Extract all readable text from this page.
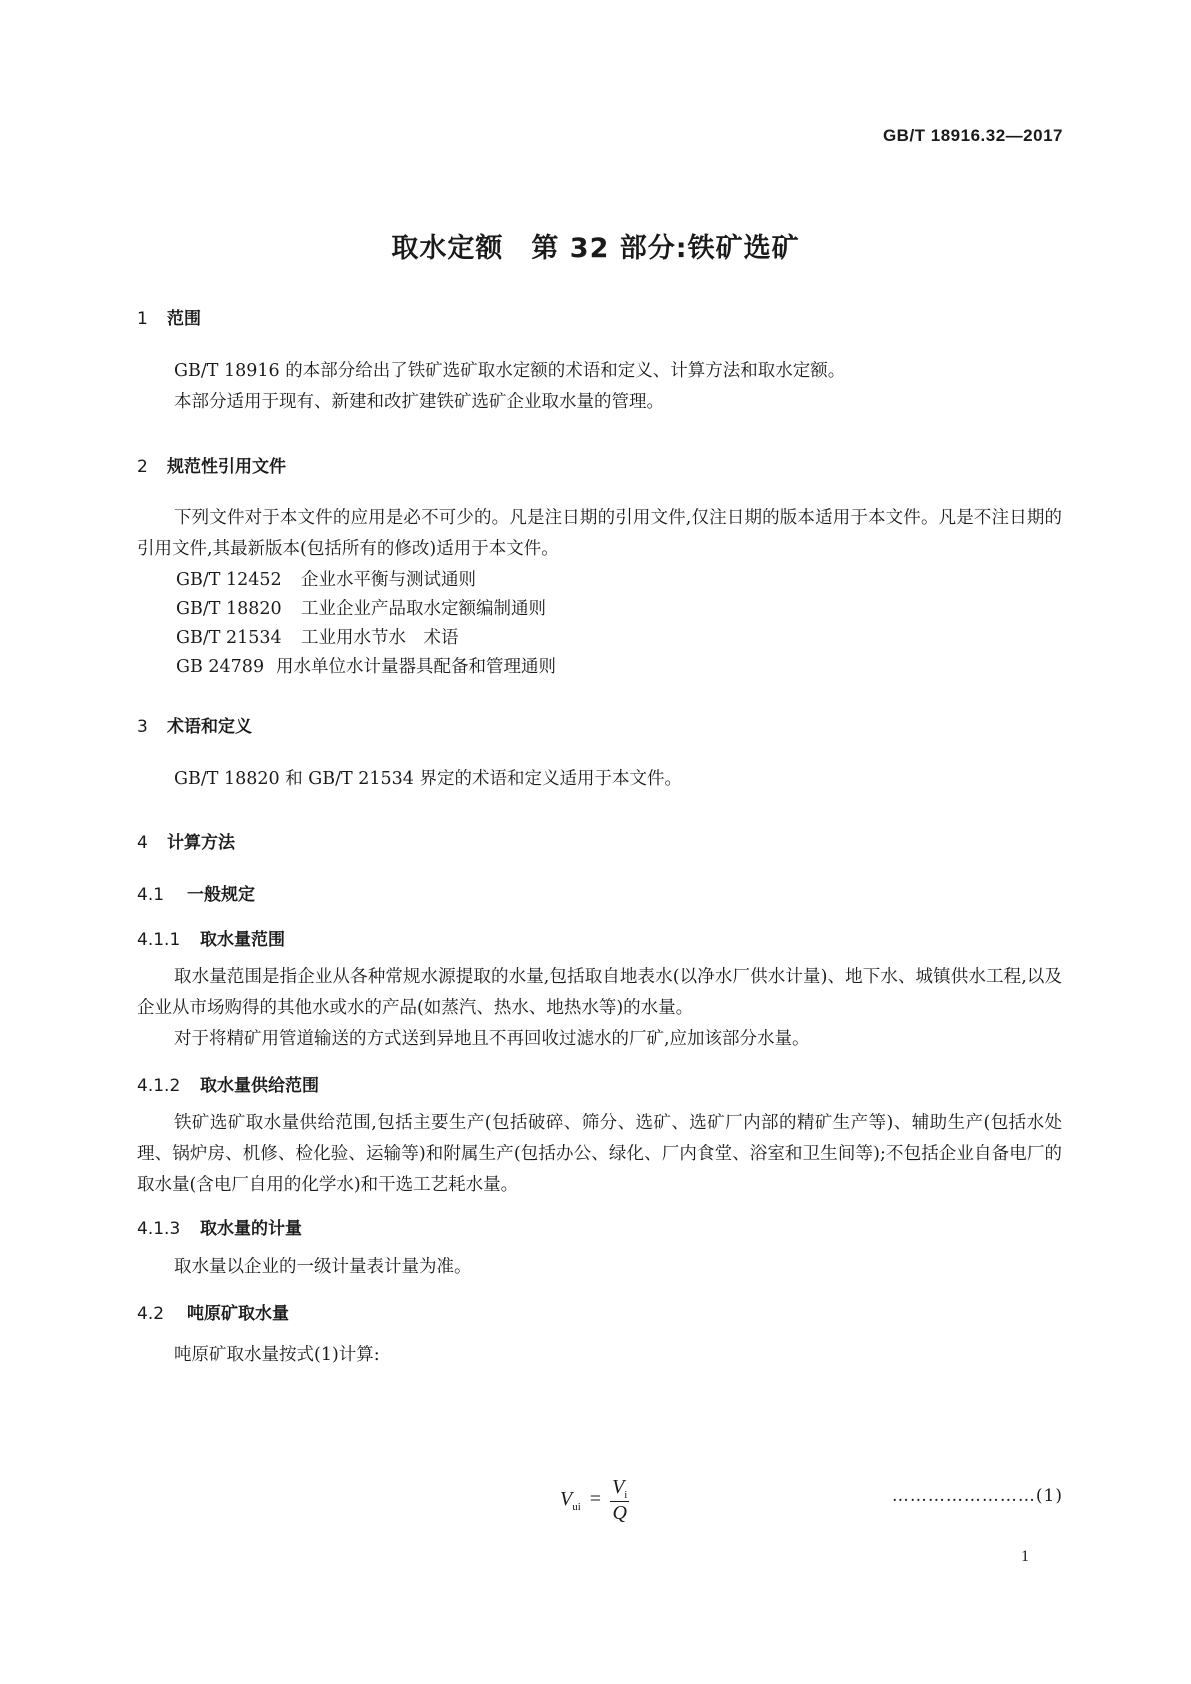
GB/T 18916.32—2017
取水定额　第 32 部分:铁矿选矿
1 范围

GB/T 18916 的本部分给出了铁矿选矿取水定额的术语和定义、计算方法和取水定额。

本部分适用于现有、新建和改扩建铁矿选矿企业取水量的管理。

2 规范性引用文件

下列文件对于本文件的应用是必不可少的。凡是注日期的引用文件,仅注日期的版本适用于本文件。凡是不注日期的引用文件,其最新版本(包括所有的修改)适用于本文件。

GB/T 12452 企业水平衡与测试通则
GB/T 18820 工业企业产品取水定额编制通则
GB/T 21534 工业用水节水　术语
GB 24789 用水单位水计量器具配备和管理通则
3 术语和定义

GB/T 18820 和 GB/T 21534 界定的术语和定义适用于本文件。

4 计算方法
4.1 一般规定
4.1.1 取水量范围

取水量范围是指企业从各种常规水源提取的水量,包括取自地表水(以净水厂供水计量)、地下水、城镇供水工程,以及企业从市场购得的其他水或水的产品(如蒸汽、热水、地热水等)的水量。

对于将精矿用管道输送的方式送到异地且不再回收过滤水的厂矿,应加该部分水量。

4.1.2 取水量供给范围

铁矿选矿取水量供给范围,包括主要生产(包括破碎、筛分、选矿、选矿厂内部的精矿生产等)、辅助生产(包括水处理、锅炉房、机修、检化验、运输等)和附属生产(包括办公、绿化、厂内食堂、浴室和卫生间等);不包括企业自备电厂的取水量(含电厂自用的化学水)和干选工艺耗水量。

4.1.3 取水量的计量

取水量以企业的一级计量表计量为准。

4.2 吨原矿取水量

吨原矿取水量按式(1)计算:

$V_{ui} = \frac{V_i}{Q}$	……………………(1)
1
